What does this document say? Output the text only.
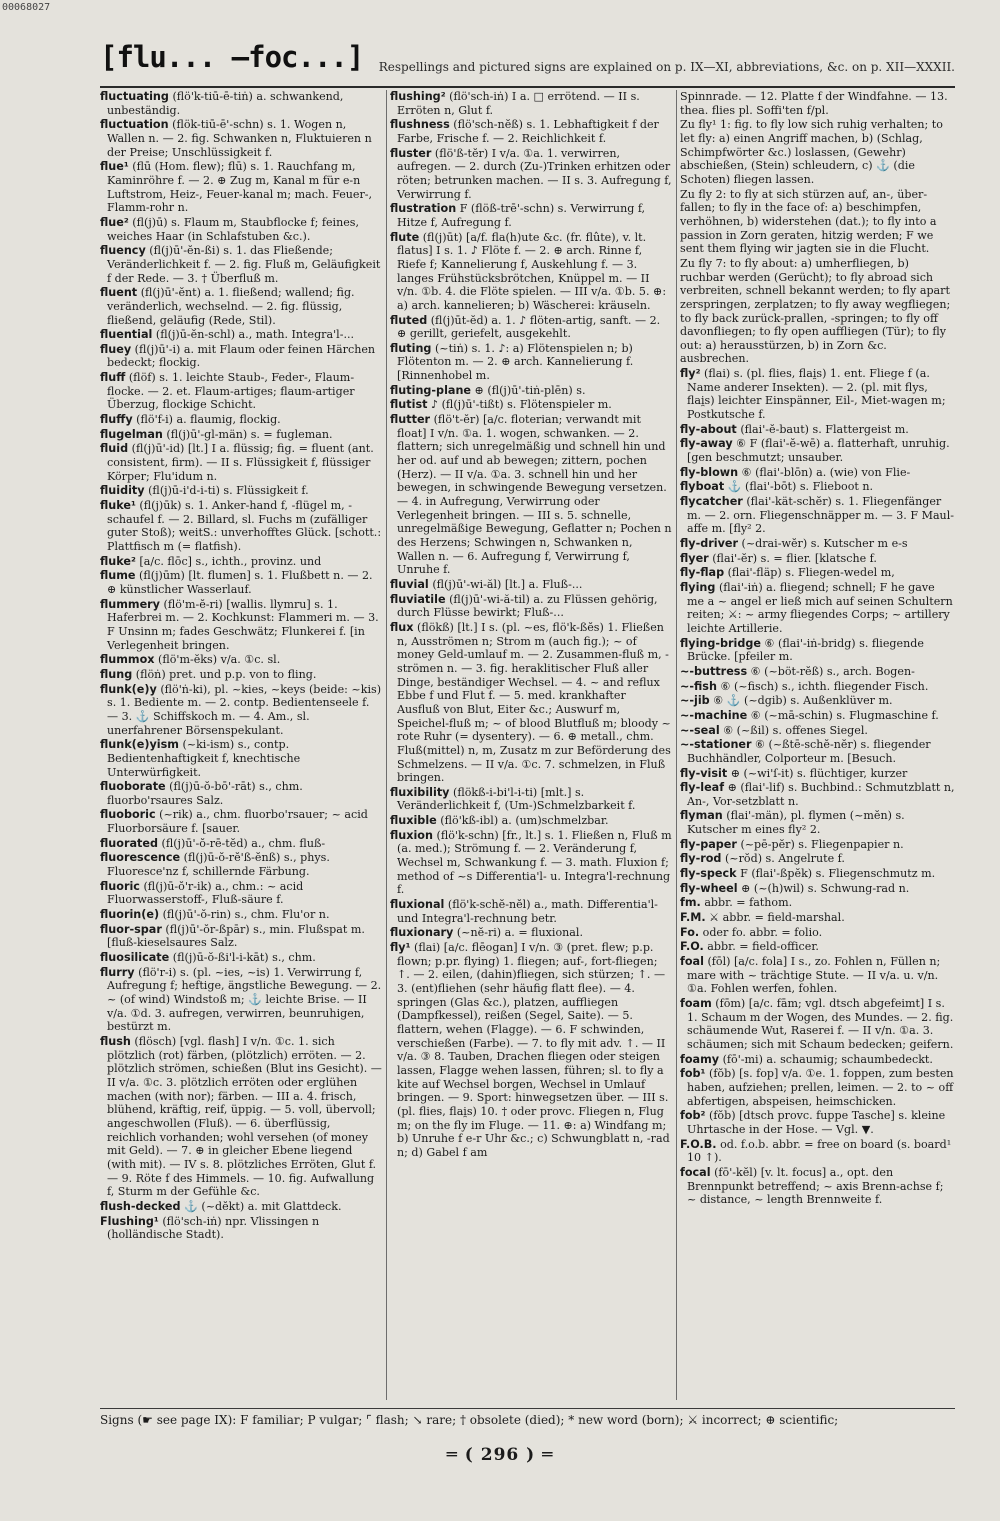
00068027
[flu... —foc...] Respellings and pictured signs are explained on p. IX—XI, abbreviations, &c. on p. XII—XXXII.

fluctuating (flö'k-tiū-ē-tiṅ) a. schwankend, unbeständig.

fluctuation (flök-tiū-ē'-schn) s. 1. Wogen n, Wallen n. — 2. fig. Schwanken n, Fluktuieren n der Preise; Unschlüssigkeit f.

flue¹ (flū (Hom. flew); flū) s. 1. Rauchfang m, Kaminröhre f. — 2. ⊕ Zug m, Kanal m für e-n Luftstrom, Heiz-, Feuer-kanal m; mach. Feuer-, Flamm-rohr n.

flue² (fl(j)ū) s. Flaum m, Staubflocke f; feines, weiches Haar (in Schlafstuben &c.).

fluency (fl(j)ū'-ĕn-ßi) s. 1. das Fließende; Veränderlichkeit f. — 2. fig. Fluß m, Geläufigkeit f der Rede. — 3. † Überfluß m.

fluent (fl(j)ū'-ĕnt) a. 1. fließend; wallend; fig. veränderlich, wechselnd. — 2. fig. flüssig, fließend, geläufig (Rede, Stil).

fluential (fl(j)ū-ĕn-schl) a., math. Integra'l-...

fluey (fl(j)ū'-i) a. mit Flaum oder feinen Härchen bedeckt; flockig.

fluff (flöf) s. 1. leichte Staub-, Feder-, Flaum-flocke. — 2. et. Flaum-artiges; flaum-artiger Überzug, flockige Schicht.

fluffy (flö'f-i) a. flaumig, flockig.

flugelman (fl(j)ū'-gl-män) s. = fugleman.

fluid (fl(j)ū'-id) [lt.] I a. flüssig; fig. = fluent (ant. consistent, firm). — II s. Flüssigkeit f, flüssiger Körper; Flu'idum n.

fluidity (fl(j)ū-i'd-i-ti) s. Flüssigkeit f.

fluke¹ (fl(j)ūk) s. 1. Anker-hand f, -flügel m, -schaufel f. — 2. Billard, sl. Fuchs m (zufälliger guter Stoß); weitS.: unverhofftes Glück. [schott.: Plattfisch m (= flatfish).

fluke² [a/c. flōc] s., ichth., provinz. und

flume (fl(j)ūm) [lt. flumen] s. 1. Flußbett n. — 2. ⊕ künstlicher Wasserlauf.

flummery (flö'm-ĕ-ri) [wallis. llymru] s. 1. Haferbrei m. — 2. Kochkunst: Flammeri m. — 3. F Unsinn m; fades Geschwätz; Flunkerei f. [in Verlegenheit bringen.

flummox (flö'm-ĕks) v/a. ①c. sl.

flung (flöṅ) pret. und p.p. von to fling.

flunk(e)y (flö'ṅ-ki), pl. ~kies, ~keys (beide: ~kis) s. 1. Bediente m. — 2. contp. Bedientenseele f. — 3. ⚓ Schiffskoch m. — 4. Am., sl. unerfahrener Börsenspekulant.

flunk(e)yism (~ki-ism) s., contp. Bedientenhaftigkeit f, knechtische Unterwürfigkeit.

fluoborate (fl(j)ū-ŏ-bō'-rāt) s., chm. fluorbo'rsaures Salz.

fluoboric (~rik) a., chm. fluorbo'rsauer; ~ acid Fluorborsäure f. [sauer.

fluorated (fl(j)ū'-ŏ-rē-tĕd) a., chm. fluß-

fluorescence (fl(j)ū-ŏ-rĕ'ß-ĕnß) s., phys. Fluoresce'nz f, schillernde Färbung.

fluoric (fl(j)ū-ŏ'r-ik) a., chm.: ~ acid Fluorwasserstoff-, Fluß-säure f.

fluorin(e) (fl(j)ū'-ŏ-rin) s., chm. Flu'or n.

fluor-spar (fl(j)ū'-ŏr-ßpār) s., min. Flußspat m. [fluß-kieselsaures Salz.

fluosilicate (fl(j)ū-ŏ-ßi'l-i-kāt) s., chm.

flurry (flö'r-i) s. (pl. ~ies, ~is) 1. Verwirrung f, Aufregung f; heftige, ängstliche Bewegung. — 2. ~ (of wind) Windstoß m; ⚓ leichte Brise. — II v/a. ①d. 3. aufregen, verwirren, beunruhigen, bestürzt m.

flush (flösch) [vgl. flash] I v/n. ①c. 1. sich plötzlich (rot) färben, (plötzlich) erröten. — 2. plötzlich strömen, schießen (Blut ins Gesicht). — II v/a. ①c. 3. plötzlich erröten oder erglühen machen (with nor); färben. — III a. 4. frisch, blühend, kräftig, reif, üppig. — 5. voll, übervoll; angeschwollen (Fluß). — 6. überflüssig, reichlich vorhanden; wohl versehen (of money mit Geld). — 7. ⊕ in gleicher Ebene liegend (with mit). — IV s. 8. plötzliches Erröten, Glut f. — 9. Röte f des Himmels. — 10. fig. Aufwallung f, Sturm m der Gefühle &c.

flush-decked ⚓ (~dĕkt) a. mit Glattdeck.

Flushing¹ (flö'sch-iṅ) npr. Vlissingen n (holländische Stadt).

flushing² (flö'sch-iṅ) I a. □ errötend. — II s. Erröten n, Glut f.

flushness (flö'sch-nĕß) s. 1. Lebhaftigkeit f der Farbe, Frische f. — 2. Reichlichkeit f.

fluster (flö'ß-tĕr) I v/a. ①a. 1. verwirren, aufregen. — 2. durch (Zu-)Trinken erhitzen oder röten; betrunken machen. — II s. 3. Aufregung f, Verwirrung f.

flustration F (flöß-trē'-schn) s. Verwirrung f, Hitze f, Aufregung f.

flute (fl(j)ūt) [a/f. fla(h)ute &c. (fr. flûte), v. lt. flatus] I s. 1. ♪ Flöte f. — 2. ⊕ arch. Rinne f, Riefe f; Kannelierung f, Auskehlung f. — 3. langes Frühstücksbrötchen, Knüppel m. — II v/n. ①b. 4. die Flöte spielen. — III v/a. ①b. 5. ⊕: a) arch. kannelieren; b) Wäscherei: kräuseln.

fluted (fl(j)ūt-ĕd) a. 1. ♪ flöten-artig, sanft. — 2. ⊕ gerillt, geriefelt, ausgekehlt.

fluting (~tiṅ) s. 1. ♪: a) Flötenspielen n; b) Flötenton m. — 2. ⊕ arch. Kannelierung f. [Rinnenhobel m.

fluting-plane ⊕ (fl(j)ū'-tiṅ-plēn) s.

flutist ♪ (fl(j)ū'-tißt) s. Flötenspieler m.

flutter (flö't-ĕr) [a/c. floterian; verwandt mit float] I v/n. ①a. 1. wogen, schwanken. — 2. flattern; sich unregelmäßig und schnell hin und her od. auf und ab bewegen; zittern, pochen (Herz). — II v/a. ①a. 3. schnell hin und her bewegen, in schwingende Bewegung versetzen. — 4. in Aufregung, Verwirrung oder Verlegenheit bringen. — III s. 5. schnelle, unregelmäßige Bewegung, Geflatter n; Pochen n des Herzens; Schwingen n, Schwanken n, Wallen n. — 6. Aufregung f, Verwirrung f, Unruhe f.

fluvial (fl(j)ū'-wi-ăl) [lt.] a. Fluß-...

fluviatile (fl(j)ū'-wi-ă-til) a. zu Flüssen gehörig, durch Flüsse bewirkt; Fluß-...

flux (flökß) [lt.] I s. (pl. ~es, flö'k-ßĕs) 1. Fließen n, Ausströmen n; Strom m (auch fig.); ~ of money Geld-umlauf m. — 2. Zusammen-fluß m, -strömen n. — 3. fig. heraklitischer Fluß aller Dinge, beständiger Wechsel. — 4. ~ and reflux Ebbe f und Flut f. — 5. med. krankhafter Ausfluß von Blut, Eiter &c.; Auswurf m, Speichel-fluß m; ~ of blood Blutfluß m; bloody ~ rote Ruhr (= dysentery). — 6. ⊕ metall., chm. Fluß(mittel) n, m, Zusatz m zur Beförderung des Schmelzens. — II v/a. ①c. 7. schmelzen, in Fluß bringen.

fluxibility (flökß-i-bi'l-i-ti) [mlt.] s. Veränderlichkeit f, (Um-)Schmelzbarkeit f.

fluxible (flö'kß-ibl) a. (um)schmelzbar.

fluxion (flö'k-schn) [fr., lt.] s. 1. Fließen n, Fluß m (a. med.); Strömung f. — 2. Veränderung f, Wechsel m, Schwankung f. — 3. math. Fluxion f; method of ~s Differentia'l- u. Integra'l-rechnung f.

fluxional (flö'k-schĕ-nĕl) a., math. Differentia'l- und Integra'l-rechnung betr.

fluxionary (~nĕ-ri) a. = fluxional.

fly¹ (flai) [a/c. flēogan] I v/n. ③ (pret. flew; p.p. flown; p.pr. flying) 1. fliegen; auf-, fort-fliegen; ↑. — 2. eilen, (dahin)fliegen, sich stürzen; ↑. — 3. (ent)fliehen (sehr häufig flatt flee). — 4. springen (Glas &c.), platzen, auffliegen (Dampfkessel), reißen (Segel, Saite). — 5. flattern, wehen (Flagge). — 6. F schwinden, verschießen (Farbe). — 7. to fly mit adv. ↑. — II v/a. ③ 8. Tauben, Drachen fliegen oder steigen lassen, Flagge wehen lassen, führen; sl. to fly a kite auf Wechsel borgen, Wechsel in Umlauf bringen. — 9. Sport: hinwegsetzen über. — III s. (pl. flies, flai̯s) 10. † oder provc. Fliegen n, Flug m; on the fly im Fluge. — 11. ⊕: a) Windfang m; b) Unruhe f e-r Uhr &c.; c) Schwungblatt n, -rad n; d) Gabel f am

Spinnrade. — 12. Platte f der Windfahne. — 13. thea. flies pl. Soffi'ten f/pl.

Zu fly¹ 1: fig. to fly low sich ruhig verhalten; to let fly: a) einen Angriff machen, b) (Schlag, Schimpfwörter &c.) loslassen, (Gewehr) abschießen, (Stein) schleudern, c) ⚓ (die Schoten) fliegen lassen.

Zu fly 2: to fly at sich stürzen auf, an-, über-fallen; to fly in the face of: a) beschimpfen, verhöhnen, b) widerstehen (dat.); to fly into a passion in Zorn geraten, hitzig werden; F we sent them flying wir jagten sie in die Flucht.

Zu fly 7: to fly about: a) umherfliegen, b) ruchbar werden (Gerücht); to fly abroad sich verbreiten, schnell bekannt werden; to fly apart zerspringen, zerplatzen; to fly away wegfliegen; to fly back zurück-prallen, -springen; to fly off davonfliegen; to fly open auffliegen (Tür); to fly out: a) herausstürzen, b) in Zorn &c. ausbrechen.

fly² (flai) s. (pl. flies, flai̯s) 1. ent. Fliege f (a. Name anderer Insekten). — 2. (pl. mit flys, flai̯s) leichter Einspänner, Eil-, Miet-wagen m; Postkutsche f.

fly-about (flai'-ĕ-baut) s. Flattergeist m.

fly-away ⑥ F (flai'-ĕ-wē) a. flatterhaft, unruhig. [gen beschmutzt; unsauber.

fly-blown ⑥ (flai'-blōn) a. (wie) von Flie-

flyboat ⚓ (flai'-bōt) s. Flieboot n.

flycatcher (flai'-kät-schĕr) s. 1. Fliegenfänger m. — 2. orn. Fliegenschnäpper m. — 3. F Maul-affe m. [fly² 2.

fly-driver (~drai-wĕr) s. Kutscher m e-s

flyer (flai'-ĕr) s. = flier. [klatsche f.

fly-flap (flai'-fläp) s. Fliegen-wedel m,

flying (flai'-iṅ) a. fliegend; schnell; F he gave me a ~ angel er ließ mich auf seinen Schultern reiten; ⚔: ~ army fliegendes Corps; ~ artillery leichte Artillerie.

flying-bridge ⑥ (flai'-iṅ-bridg) s. fliegende Brücke. [pfeiler m.

~-buttress ⑥ (~böt-rĕß) s., arch. Bogen-

~-fish ⑥ (~fisch) s., ichth. fliegender Fisch.

~-jib ⑥ ⚓ (~dgib) s. Außenklüver m.

~-machine ⑥ (~mā-schin) s. Flugmaschine f.

~-seal ⑥ (~ßil) s. offenes Siegel.

~-stationer ⑥ (~ßtē-schĕ-nĕr) s. fliegender Buchhändler, Colporteur m. [Besuch.

fly-visit ⊕ (~wi'ſ-it) s. flüchtiger, kurzer

fly-leaf ⊕ (flai'-lif) s. Buchbind.: Schmutzblatt n, An-, Vor-setzblatt n.

flyman (flai'-män), pl. flymen (~mĕn) s. Kutscher m eines fly² 2.

fly-paper (~pē-pĕr) s. Fliegenpapier n.

fly-rod (~rŏd) s. Angelrute f.

fly-speck F (flai'-ßpĕk) s. Fliegenschmutz m.

fly-wheel ⊕ (~(h)wil) s. Schwung-rad n.

fm. abbr. = fathom.

F.M. ⚔ abbr. = field-marshal.

Fo. oder fo. abbr. = folio.

F.O. abbr. = field-officer.

foal (fōl) [a/c. fola] I s., zo. Fohlen n, Füllen n; mare with ~ trächtige Stute. — II v/a. u. v/n. ①a. Fohlen werfen, fohlen.

foam (fōm) [a/c. fām; vgl. dtsch abgefeimt] I s. 1. Schaum m der Wogen, des Mundes. — 2. fig. schäumende Wut, Raserei f. — II v/n. ①a. 3. schäumen; sich mit Schaum bedecken; geifern.

foamy (fō'-mi) a. schaumig; schaumbedeckt.

fob¹ (fŏb) [s. fop] v/a. ①e. 1. foppen, zum besten haben, aufziehen; prellen, leimen. — 2. to ~ off abfertigen, abspeisen, heimschicken.

fob² (fŏb) [dtsch provc. fuppe Tasche] s. kleine Uhrtasche in der Hose. — Vgl. ▼.

F.O.B. od. f.o.b. abbr. = free on board (s. board¹ 10 ↑).

focal (fō'-kĕl) [v. lt. focus] a., opt. den Brennpunkt betreffend; ~ axis Brenn-achse f; ~ distance, ~ length Brennweite f.

Signs (☛ see page IX): F familiar; P vulgar; ⌜ flash; ↘ rare; † obsolete (died); * new word (born); ⚔ incorrect; ⊕ scientific;
═ ( 296 ) ═
